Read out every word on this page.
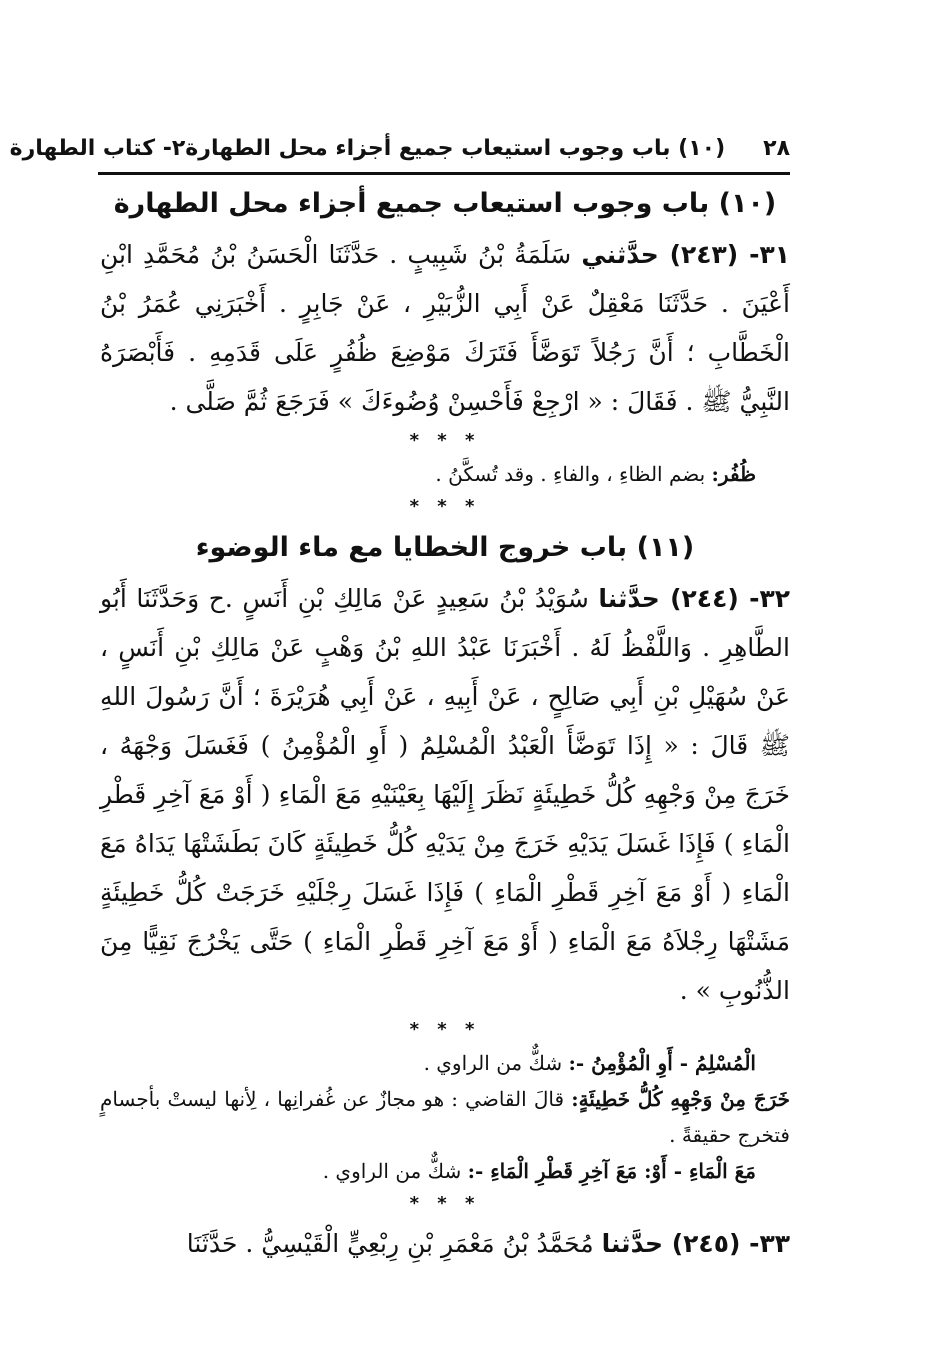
٢٨
(١٠) باب وجوب استيعاب جميع أجزاء محل الطهارة
٢- كتاب الطهارة
(١٠) باب وجوب استيعاب جميع أجزاء محل الطهارة

٣١- (٢٤٣) حدَّثني سَلَمَةُ بْنُ شَبِيبٍ . حَدَّثَنَا الْحَسَنُ بْنُ مُحَمَّدِ ابْنِ أَعْيَنَ . حَدَّثَنَا مَعْقِلٌ عَنْ أَبِي الزُّبَيْرِ ، عَنْ جَابِرٍ . أَخْبَرَنِي عُمَرُ بْنُ الْخَطَّابِ ؛ أَنَّ رَجُلاً تَوَضَّأَ فَتَرَكَ مَوْضِعَ ظُفُرٍ عَلَى قَدَمِهِ . فَأَبْصَرَهُ النَّبِيُّ ﷺ . فَقَالَ : « ارْجِعْ فَأَحْسِنْ وُضُوءَكَ » فَرَجَعَ ثُمَّ صَلَّى .

* * *

ظُفُر: بضم الظاءِ ، والفاءِ . وقد تُسكَّنُ .

* * *

(١١) باب خروج الخطايا مع ماء الوضوء

٣٢- (٢٤٤) حدَّثنا سُوَيْدُ بْنُ سَعِيدٍ عَنْ مَالِكِ بْنِ أَنَسٍ .ح وَحَدَّثَنَا أَبُو الطَّاهِرِ . وَاللَّفْظُ لَهُ . أَخْبَرَنَا عَبْدُ اللهِ بْنُ وَهْبٍ عَنْ مَالِكِ بْنِ أَنَسٍ ، عَنْ سُهَيْلِ بْنِ أَبِي صَالِحٍ ، عَنْ أَبِيهِ ، عَنْ أَبِي هُرَيْرَةَ ؛ أَنَّ رَسُولَ اللهِ ﷺ قَالَ : « إِذَا تَوَضَّأَ الْعَبْدُ الْمُسْلِمُ ( أَوِ الْمُؤْمِنُ ) فَغَسَلَ وَجْهَهُ ، خَرَجَ مِنْ وَجْهِهِ كُلُّ خَطِيئَةٍ نَظَرَ إِلَيْهَا بِعَيْنَيْهِ مَعَ الْمَاءِ ( أَوْ مَعَ آخِرِ قَطْرِ الْمَاءِ ) فَإِذَا غَسَلَ يَدَيْهِ خَرَجَ مِنْ يَدَيْهِ كُلُّ خَطِيئَةٍ كَانَ بَطَشَتْهَا يَدَاهُ مَعَ الْمَاءِ ( أَوْ مَعَ آخِرِ قَطْرِ الْمَاءِ ) فَإِذَا غَسَلَ رِجْلَيْهِ خَرَجَتْ كُلُّ خَطِيئَةٍ مَشَتْهَا رِجْلاَهُ مَعَ الْمَاءِ ( أَوْ مَعَ آخِرِ قَطْرِ الْمَاءِ ) حَتَّى يَخْرُجَ نَقِيًّا مِنَ الذُّنُوبِ » .

* * *

الْمُسْلِمُ - أَوِ الْمُؤْمِنُ -: شكٌّ من الراوي .

خَرَجَ مِنْ وَجْهِهِ كُلُّ خَطِيئَةٍ: قالَ القاضي : هو مجازٌ عن غُفرانِها ، لِأنها ليستْ بأجسامٍ فتخرج حقيقةً .

مَعَ الْمَاءِ - أَوْ: مَعَ آخِرِ قَطْرِ الْمَاءِ -: شكٌّ من الراوي .

* * *

٣٣- (٢٤٥) حدَّثنا مُحَمَّدُ بْنُ مَعْمَرِ بْنِ رِبْعِيٍّ الْقَيْسِيُّ . حَدَّثَنَا
